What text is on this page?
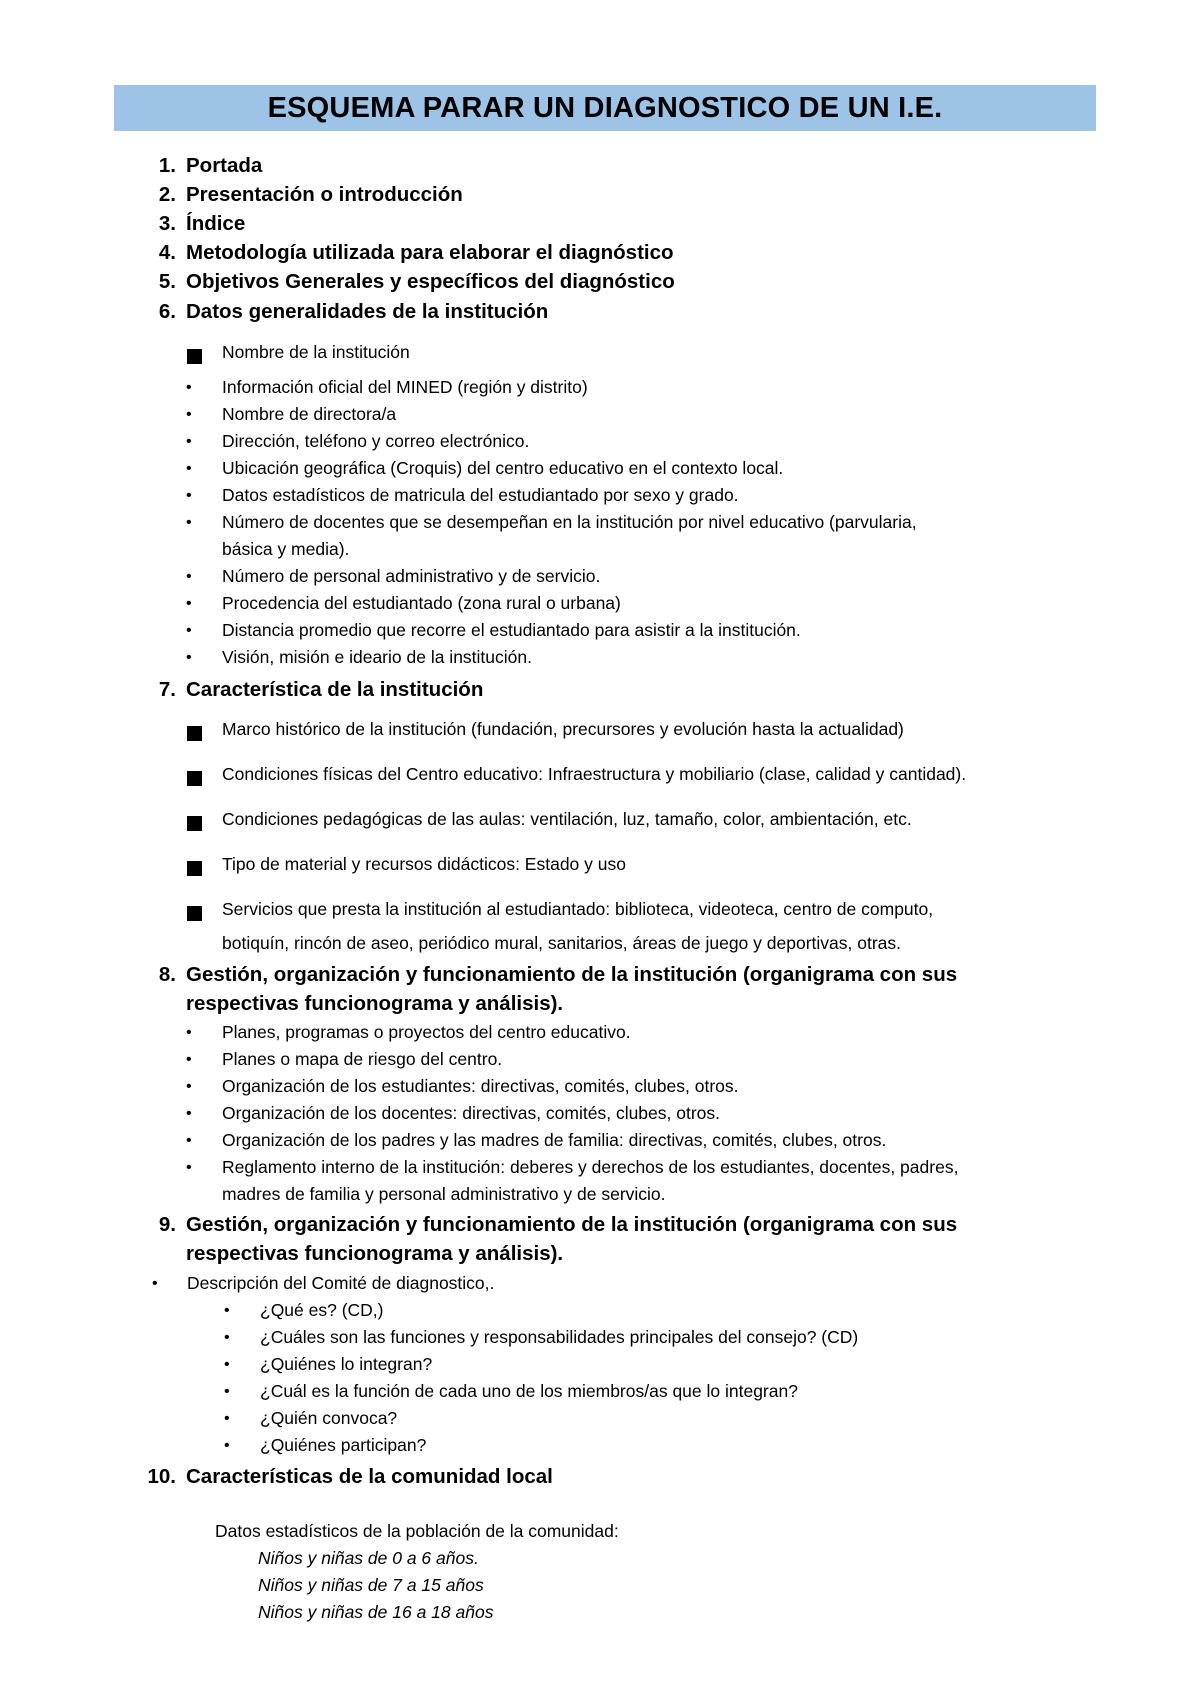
ESQUEMA PARAR UN DIAGNOSTICO DE UN I.E.
1. Portada
2. Presentación o introducción
3. Índice
4. Metodología utilizada para elaborar el diagnóstico
5. Objetivos Generales y específicos del diagnóstico
6. Datos generalidades de la institución
Nombre de la institución
• Información oficial del MINED (región y distrito)
• Nombre de directora/a
• Dirección, teléfono y correo electrónico.
• Ubicación geográfica (Croquis) del centro educativo en el contexto local.
• Datos estadísticos de matricula del estudiantado por sexo y grado.
• Número de docentes que se desempeñan en la institución por nivel educativo (parvularia,
básica y media).
• Número de personal administrativo y de servicio.
• Procedencia del estudiantado (zona rural o urbana)
• Distancia promedio que recorre el estudiantado para asistir a la institución.
• Visión, misión e ideario de la institución.
7. Característica de la institución
Marco histórico de la institución (fundación, precursores y evolución hasta la actualidad)
Condiciones físicas del Centro educativo: Infraestructura y mobiliario (clase, calidad y cantidad).
Condiciones pedagógicas de las aulas: ventilación, luz, tamaño, color, ambientación, etc.
Tipo de material y recursos didácticos: Estado y uso
Servicios que presta la institución al estudiantado: biblioteca, videoteca, centro de computo,
botiquín, rincón de aseo, periódico mural, sanitarios, áreas de juego y deportivas, otras.
8. Gestión, organización y funcionamiento de la institución (organigrama con sus
respectivas funcionograma y análisis).
• Planes, programas o proyectos del centro educativo.
• Planes o mapa de riesgo del centro.
• Organización de los estudiantes: directivas, comités, clubes, otros.
• Organización de los docentes: directivas, comités, clubes, otros.
• Organización de los padres y las madres de familia: directivas, comités, clubes, otros.
• Reglamento interno de la institución: deberes y derechos de los estudiantes, docentes, padres,
madres de familia y personal administrativo y de servicio.
9. Gestión, organización y funcionamiento de la institución (organigrama con sus
respectivas funcionograma y análisis).
• Descripción del Comité de diagnostico,.
• ¿Qué es? (CD,)
• ¿Cuáles son las funciones y responsabilidades principales del consejo? (CD)
• ¿Quiénes lo integran?
• ¿Cuál es la función de cada uno de los miembros/as que lo integran?
• ¿Quién convoca?
• ¿Quiénes participan?
10. Características de la comunidad local
Datos estadísticos de la población de la comunidad:
Niños y niñas de 0 a 6 años.
Niños y niñas de 7 a 15 años
Niños y niñas de 16 a 18 años
